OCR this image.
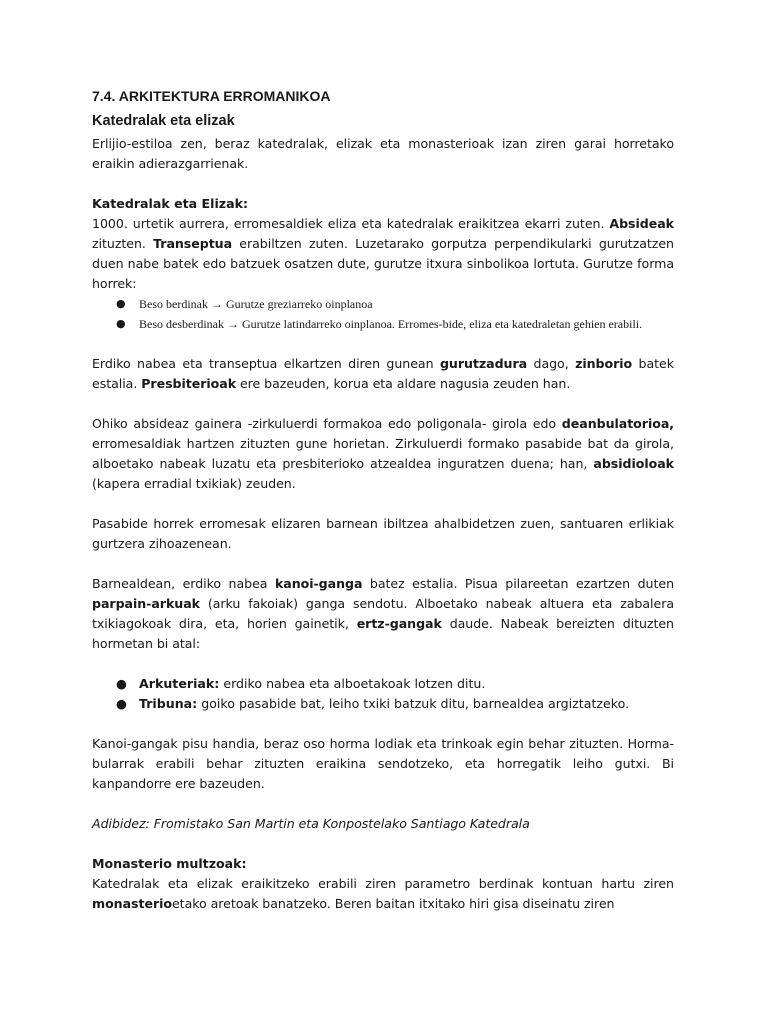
7.4. ARKITEKTURA ERROMANIKOA
Katedralak eta elizak

Erlijio-estiloa zen, beraz katedralak, elizak eta monasterioak izan ziren garai horretako eraikin adierazgarrienak.

Katedralak eta Elizak:

1000. urtetik aurrera, erromesaldiek eliza eta katedralak eraikitzea ekarri zuten. Absideak zituzten. Transeptua erabiltzen zuten. Luzetarako gorputza perpendikularki gurutzatzen duen nabe batek edo batzuek osatzen dute, gurutze itxura sinbolikoa lortuta. Gurutze forma horrek:

● Beso berdinak → Gurutze greziarreko oinplanoa
● Beso desberdinak → Gurutze latindarreko oinplanoa. Erromes-bide, eliza eta katedraletan gehien erabili.

Erdiko nabea eta transeptua elkartzen diren gunean gurutzadura dago, zinborio batek estalia. Presbiterioak ere bazeuden, korua eta aldare nagusia zeuden han.

Ohiko absideaz gainera -zirkuluerdi formakoa edo poligonala- girola edo deanbulatorioa, erromesaldiak hartzen zituzten gune horietan. Zirkuluerdi formako pasabide bat da girola, alboetako nabeak luzatu eta presbiterioko atzealdea inguratzen duena; han, absidioloak (kapera erradial txikiak) zeuden.

Pasabide horrek erromesak elizaren barnean ibiltzea ahalbidetzen zuen, santuaren erlikiak gurtzera zihoazenean.

Barnealdean, erdiko nabea kanoi-ganga batez estalia. Pisua pilareetan ezartzen duten parpain-arkuak (arku fakoiak) ganga sendotu. Alboetako nabeak altuera eta zabalera txikiagokoak dira, eta, horien gainetik, ertz-gangak daude. Nabeak bereizten dituzten hormetan bi atal:

● Arkuteriak: erdiko nabea eta alboetakoak lotzen ditu.
● Tribuna: goiko pasabide bat, leiho txiki batzuk ditu, barnealdea argiztatzeko.

Kanoi-gangak pisu handia, beraz oso horma lodiak eta trinkoak egin behar zituzten. Horma-bularrak erabili behar zituzten eraikina sendotzeko, eta horregatik leiho gutxi. Bi kanpandorre ere bazeuden.

Adibidez: Fromistako San Martin eta Konpostelako Santiago Katedrala

Monasterio multzoak:

Katedralak eta elizak eraikitzeko erabili ziren parametro berdinak kontuan hartu ziren monasterioetako aretoak banatzeko. Beren baitan itxitako hiri gisa diseinatu ziren
